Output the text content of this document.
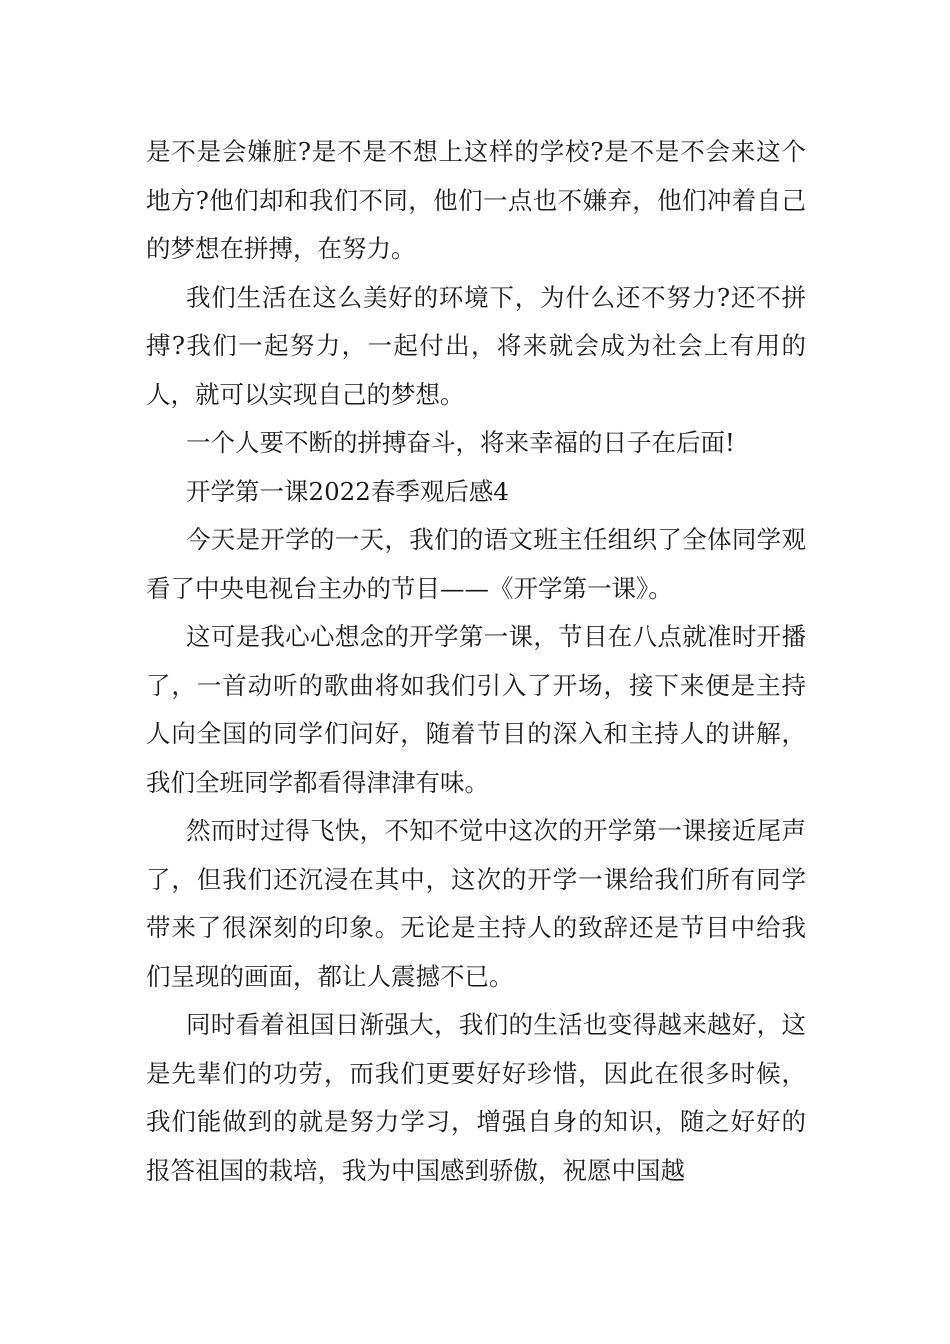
是不是会嫌脏?是不是不想上这样的学校?是不是不会来这个地方?他们却和我们不同，他们一点也不嫌弃，他们冲着自己的梦想在拼搏，在努力。

我们生活在这么美好的环境下，为什么还不努力?还不拼搏?我们一起努力，一起付出，将来就会成为社会上有用的人，就可以实现自己的梦想。

一个人要不断的拼搏奋斗，将来幸福的日子在后面!

开学第一课2022春季观后感4

今天是开学的一天，我们的语文班主任组织了全体同学观看了中央电视台主办的节目——《开学第一课》。

这可是我心心想念的开学第一课，节目在八点就准时开播了，一首动听的歌曲将如我们引入了开场，接下来便是主持人向全国的同学们问好，随着节目的深入和主持人的讲解，我们全班同学都看得津津有味。

然而时过得飞快，不知不觉中这次的开学第一课接近尾声了，但我们还沉浸在其中，这次的开学一课给我们所有同学带来了很深刻的印象。无论是主持人的致辞还是节目中给我们呈现的画面，都让人震撼不已。

同时看着祖国日渐强大，我们的生活也变得越来越好，这是先辈们的功劳，而我们更要好好珍惜，因此在很多时候，我们能做到的就是努力学习，增强自身的知识，随之好好的报答祖国的栽培，我为中国感到骄傲，祝愿中国越
